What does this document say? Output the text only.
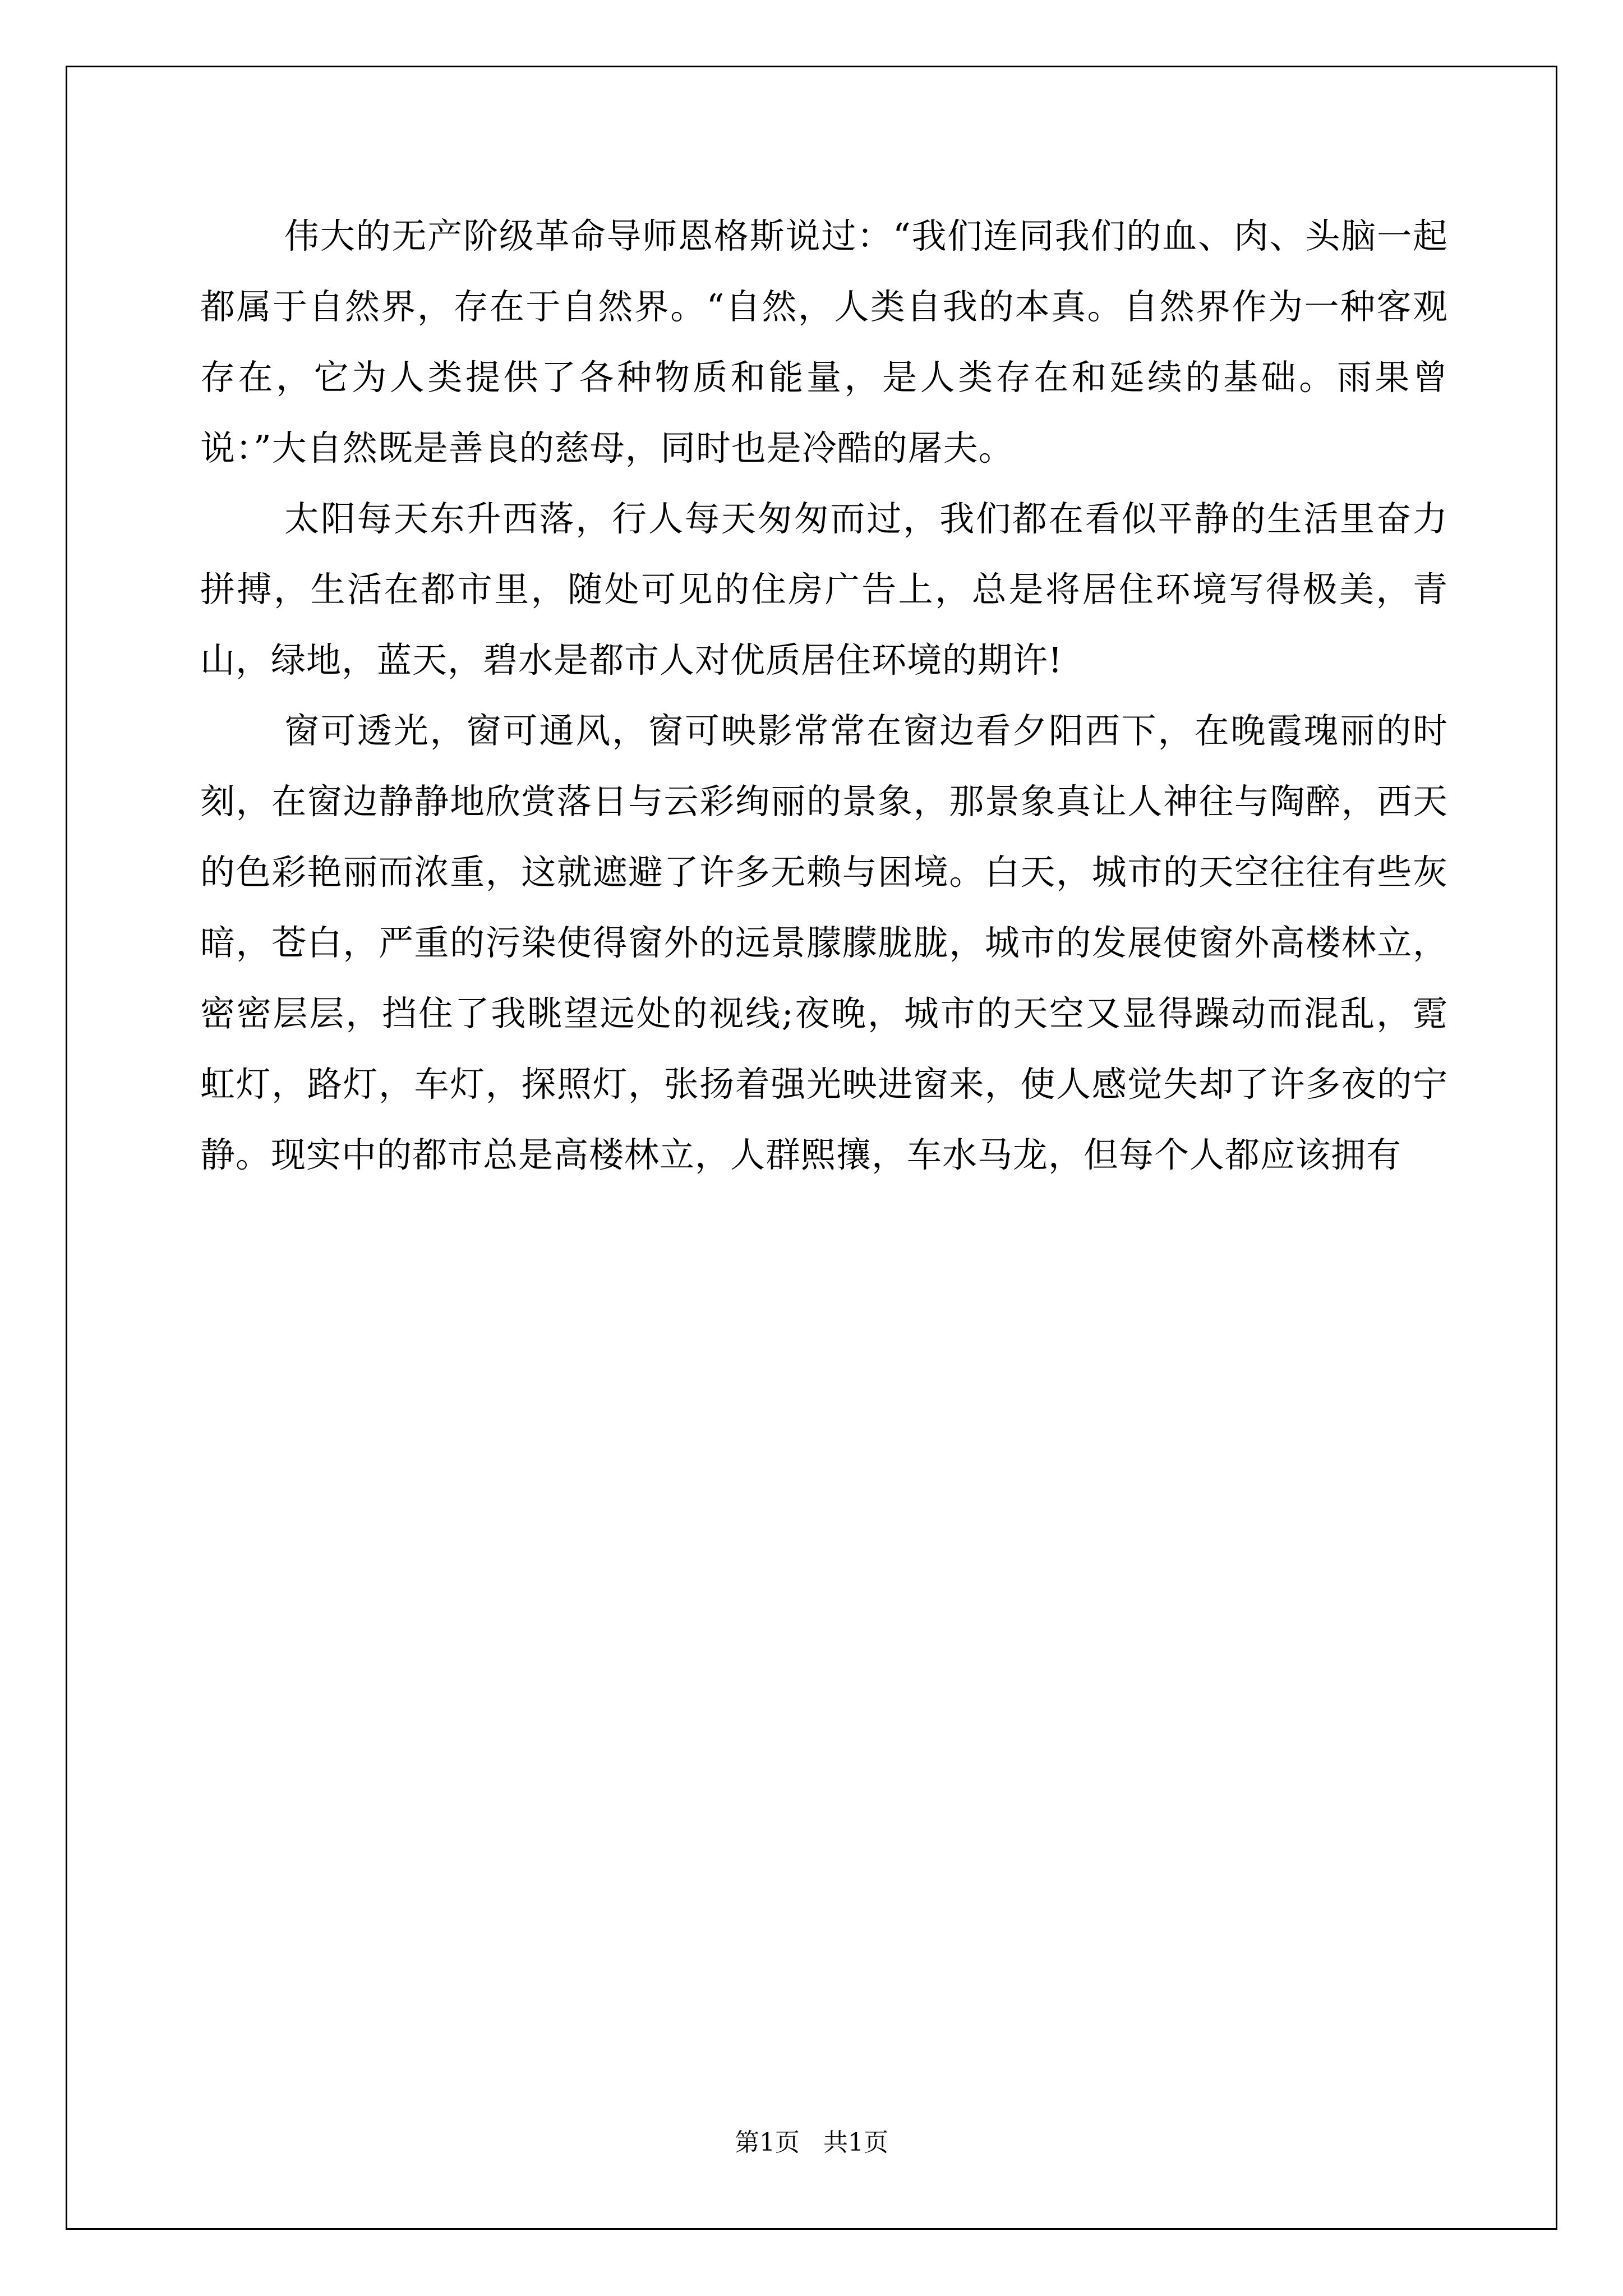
伟大的无产阶级革命导师恩格斯说过：“我们连同我们的血、肉、头脑一起都属于自然界，存在于自然界。“自然，人类自我的本真。自然界作为一种客观存在，它为人类提供了各种物质和能量，是人类存在和延续的基础。雨果曾说：”大自然既是善良的慈母，同时也是冷酷的屠夫。

太阳每天东升西落，行人每天匆匆而过，我们都在看似平静的生活里奋力拼搏，生活在都市里，随处可见的住房广告上，总是将居住环境写得极美，青山，绿地，蓝天，碧水是都市人对优质居住环境的期许!

窗可透光，窗可通风，窗可映影常常在窗边看夕阳西下，在晚霞瑰丽的时刻，在窗边静静地欣赏落日与云彩绚丽的景象，那景象真让人神往与陶醉，西天的色彩艳丽而浓重，这就遮避了许多无赖与困境。白天，城市的天空往往有些灰暗，苍白，严重的污染使得窗外的远景朦朦胧胧，城市的发展使窗外高楼林立，密密层层，挡住了我眺望远处的视线;夜晚，城市的天空又显得躁动而混乱，霓虹灯，路灯，车灯，探照灯，张扬着强光映进窗来，使人感觉失却了许多夜的宁静。现实中的都市总是高楼林立，人群熙攘，车水马龙，但每个人都应该拥有

第1页 共1页
